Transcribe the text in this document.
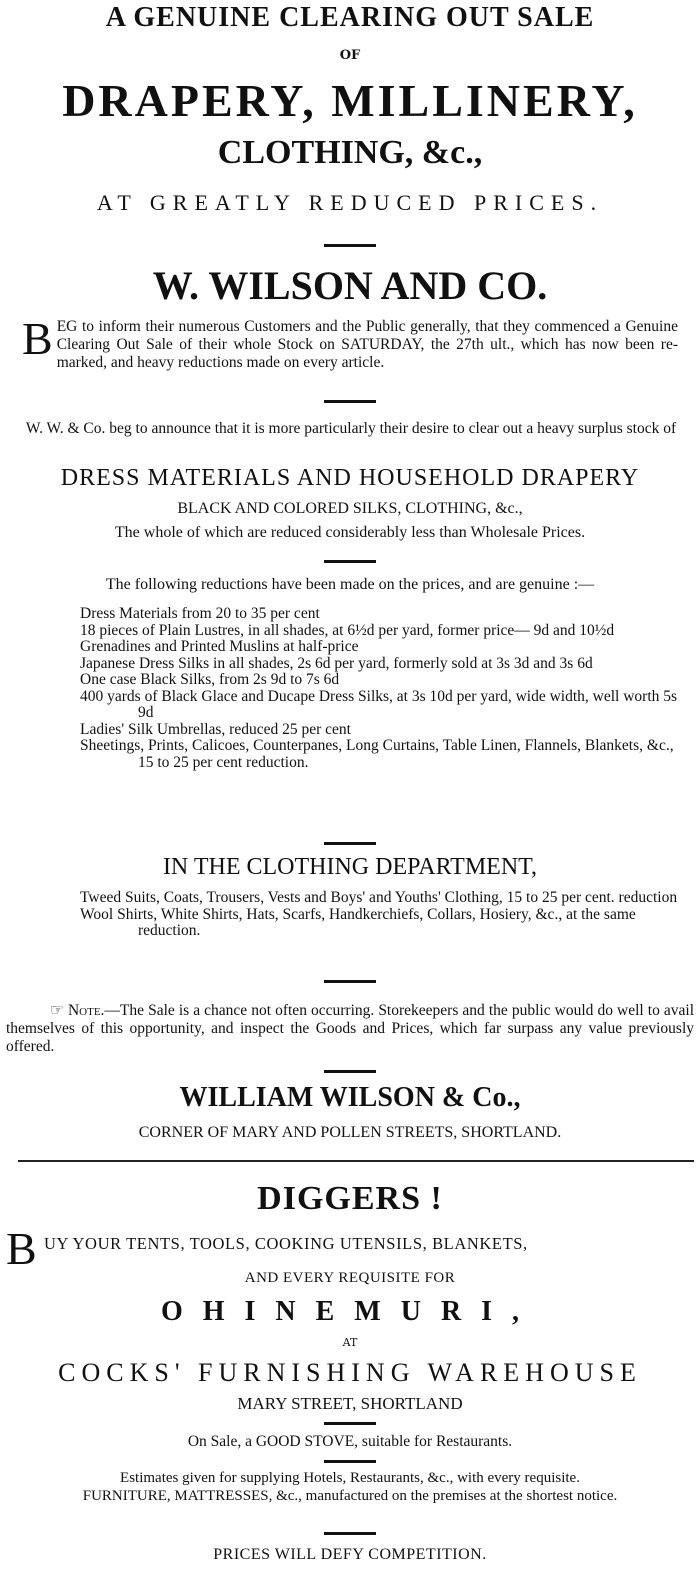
A GENUINE CLEARING OUT SALE
OF
DRAPERY, MILLINERY,
CLOTHING, &c.,
AT GREATLY REDUCED PRICES.
W. WILSON AND CO.
B EG to inform their numerous Customers and the Public generally, that they commenced a Genuine Clearing Out Sale of their whole Stock on SATURDAY, the 27th ult., which has now been re-marked, and heavy reductions made on every article.
W. W. & Co. beg to announce that it is more particularly their desire to clear out a heavy surplus stock of
DRESS MATERIALS AND HOUSEHOLD DRAPERY
BLACK AND COLORED SILKS, CLOTHING, &c.,
The whole of which are reduced considerably less than Wholesale Prices.
The following reductions have been made on the prices, and are genuine :—
Dress Materials from 20 to 35 per cent
18 pieces of Plain Lustres, in all shades, at 6½d per yard, former price— 9d and 10½d
Grenadines and Printed Muslins at half-price
Japanese Dress Silks in all shades, 2s 6d per yard, formerly sold at 3s 3d and 3s 6d
One case Black Silks, from 2s 9d to 7s 6d
400 yards of Black Glace and Ducape Dress Silks, at 3s 10d per yard, wide width, well worth 5s 9d
Ladies' Silk Umbrellas, reduced 25 per cent
Sheetings, Prints, Calicoes, Counterpanes, Long Curtains, Table Linen, Flannels, Blankets, &c., 15 to 25 per cent reduction.
IN THE CLOTHING DEPARTMENT,
Tweed Suits, Coats, Trousers, Vests and Boys' and Youths' Clothing, 15 to 25 per cent. reduction
Wool Shirts, White Shirts, Hats, Scarfs, Handkerchiefs, Collars, Hosiery, &c., at the same reduction.
☞ Note.—The Sale is a chance not often occurring. Storekeepers and the public would do well to avail themselves of this opportunity, and inspect the Goods and Prices, which far surpass any value previously offered.
WILLIAM WILSON & Co.,
CORNER OF MARY AND POLLEN STREETS, SHORTLAND.
DIGGERS !
B UY YOUR TENTS, TOOLS, COOKING UTENSILS, BLANKETS,
AND EVERY REQUISITE FOR
OHINEMURI,
AT
COCKS' FURNISHING WAREHOUSE
MARY STREET, SHORTLAND
On Sale, a GOOD STOVE, suitable for Restaurants.
Estimates given for supplying Hotels, Restaurants, &c., with every requisite.
FURNITURE, MATTRESSES, &c., manufactured on the premises at the shortest notice.
PRICES WILL DEFY COMPETITION.
